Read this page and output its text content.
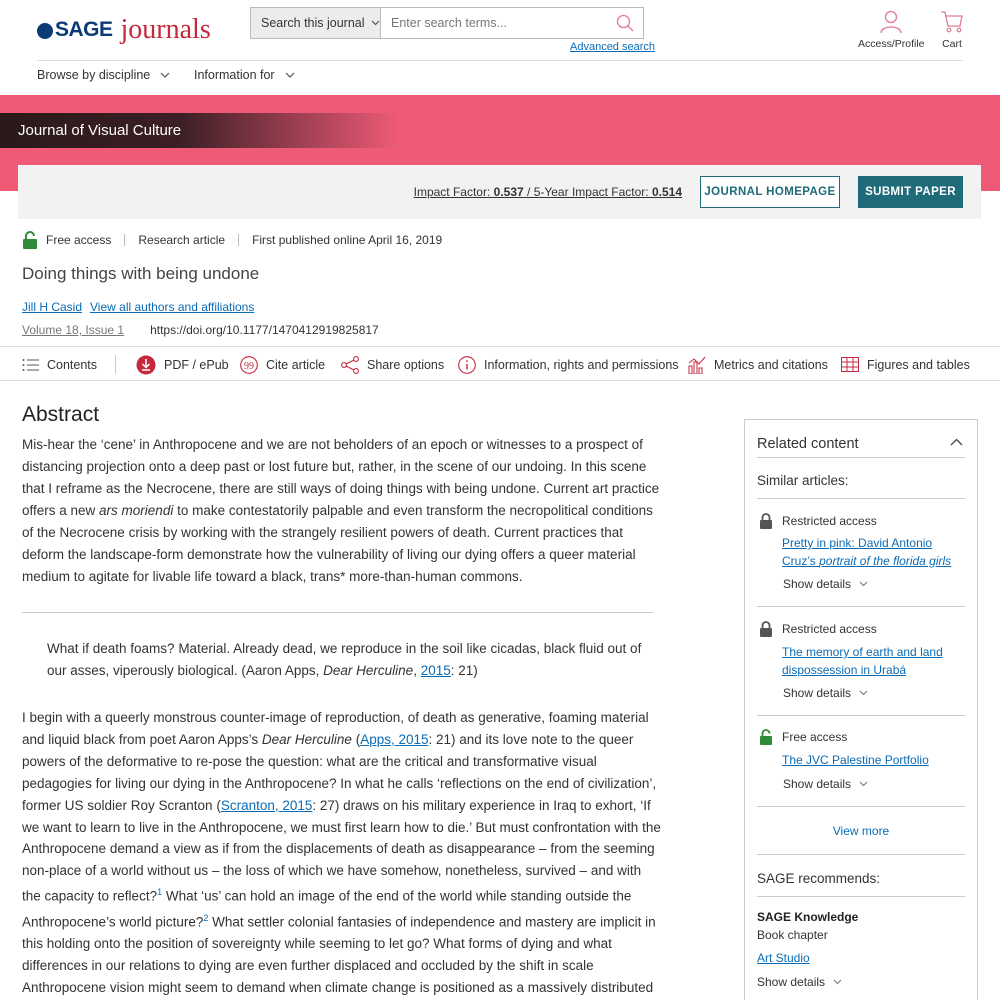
SAGE journals	Search this journal
Enter search terms...
Advanced search	Access/Profile Cart
Browse by discipline	Information for
Journal of Visual Culture
Impact Factor: 0.537 / 5-Year Impact Factor: 0.514	JOURNAL HOMEPAGE	SUBMIT PAPER
Free access Research article First published online April 16, 2019
Doing things with being undone
Jill H Casid View all authors and affiliations
Volume 18, Issue 1 https://doi.org/10.1177/1470412919825817
Contents	PDF / ePub 99 Cite article	Share options	Information, rights and permissions	Metrics and citations	Figures and tables
Abstract

Mis-hear the ‘cene’ in Anthropocene and we are not beholders of an epoch or witnesses to a prospect of distancing projection onto a deep past or lost future but, rather, in the scene of our undoing. In this scene that I reframe as the Necrocene, there are still ways of doing things with being undone. Current art practice offers a new ars moriendi to make contestatorily palpable and even transform the necropolitical conditions of the Necrocene crisis by working with the strangely resilient powers of death. Current practices that deform the landscape-form demonstrate how the vulnerability of living our dying offers a queer material medium to agitate for livable life toward a black, trans* more-than-human commons.

What if death foams? Material. Already dead, we reproduce in the soil like cicadas, black fluid out of our asses, viperously biological. (Aaron Apps, Dear Herculine, 2015: 21)

I begin with a queerly monstrous counter-image of reproduction, of death as generative, foaming material and liquid black from poet Aaron Apps’s Dear Herculine (Apps, 2015: 21) and its love note to the queer powers of the deformative to re-pose the question: what are the critical and transformative visual pedagogies for living our dying in the Anthropocene? In what he calls ‘reflections on the end of civilization’, former US soldier Roy Scranton (Scranton, 2015: 27) draws on his military experience in Iraq to exhort, ‘If we want to learn to live in the Anthropocene, we must first learn how to die.’ But must confrontation with the Anthropocene demand a view as if from the displacements of death as disappearance – from the seeming non-place of a world without us – the loss of which we have somehow, nonetheless, survived – and with the capacity to reflect?$^1$ What ‘us’ can hold an image of the end of the world while standing outside the Anthropocene’s world picture?$^2$ What settler colonial fantasies of independence and mastery are implicit in this holding onto the position of sovereignty while seeming to let go? What forms of dying and what differences in our relations to dying are even further displaced and occluded by the shift in scale Anthropocene vision might seem to demand when climate change is positioned as a massively distributed

Related content
Similar articles:
Restricted access
Pretty in pink: David Antonio Cruz’s portrait of the florida girls
Show details
Restricted access
The memory of earth and land dispossession in Urabá
Show details
Free access
The JVC Palestine Portfolio
Show details
View more
SAGE recommends:
SAGE Knowledge
Book chapter
Art Studio
Show details
